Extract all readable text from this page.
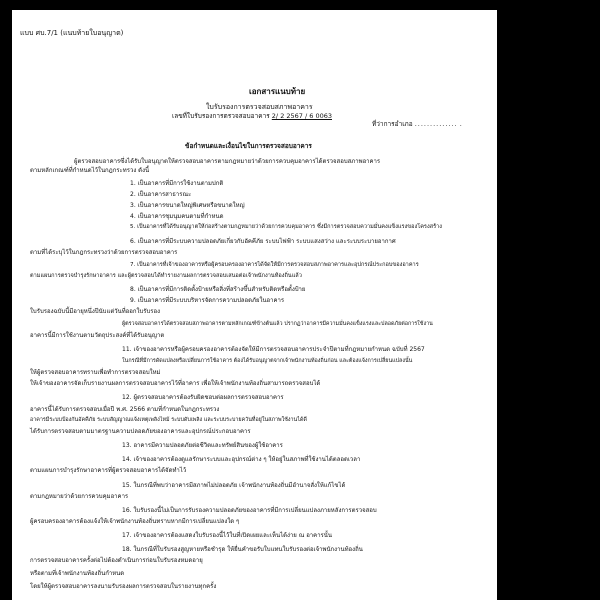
แบบ ศบ.7/1 (แนบท้ายใบอนุญาต)
เอกสารแนบท้าย
ใบรับรองการตรวจสอบสภาพอาคาร
เลขที่ใบรับรองการตรวจสอบอาคาร 2/ 2 2567 / 6 0063
ที่ว่าการอำเภอ .............. .
ข้อกำหนดและเงื่อนไขในการตรวจสอบอาคาร
ผู้ตรวจสอบอาคารซึ่งได้รับใบอนุญาตให้ตรวจสอบอาคารตามกฎหมายว่าด้วยการควบคุมอาคารได้ตรวจสอบสภาพอาคาร
ตามหลักเกณฑ์ที่กำหนดไว้ในกฎกระทรวง ดังนี้
1. เป็นอาคารที่มีการใช้งานตามปกติ
2. เป็นอาคารสาธารณะ
3. เป็นอาคารขนาดใหญ่พิเศษหรือขนาดใหญ่
4. เป็นอาคารชุมนุมคนตามที่กำหนด
5. เป็นอาคารที่ได้รับอนุญาตให้ก่อสร้างตามกฎหมายว่าด้วยการควบคุมอาคาร ซึ่งมีการตรวจสอบความมั่นคงแข็งแรงของโครงสร้าง
6. เป็นอาคารที่มีระบบความปลอดภัยเกี่ยวกับอัคคีภัย ระบบไฟฟ้า ระบบแสงสว่าง และระบบระบายอากาศ
ตามที่ได้ระบุไว้ในกฎกระทรวงว่าด้วยการตรวจสอบอาคาร
7. เป็นอาคารที่เจ้าของอาคารหรือผู้ครอบครองอาคารได้จัดให้มีการตรวจสอบสภาพอาคารและอุปกรณ์ประกอบของอาคาร
ตามแผนการตรวจบำรุงรักษาอาคาร และผู้ตรวจสอบได้ทำรายงานผลการตรวจสอบเสนอต่อเจ้าพนักงานท้องถิ่นแล้ว
8. เป็นอาคารที่มีการติดตั้งป้ายหรือสิ่งที่สร้างขึ้นสำหรับติดหรือตั้งป้าย
9. เป็นอาคารที่มีระบบบริหารจัดการความปลอดภัยในอาคาร
ใบรับรองฉบับนี้มีอายุหนึ่งปีนับแต่วันที่ออกใบรับรอง
ผู้ตรวจสอบอาคารได้ตรวจสอบสภาพอาคารตามหลักเกณฑ์ข้างต้นแล้ว ปรากฏว่าอาคารมีความมั่นคงแข็งแรงและปลอดภัยต่อการใช้งาน
อาคารนี้มีการใช้งานตามวัตถุประสงค์ที่ได้รับอนุญาต
11. เจ้าของอาคารหรือผู้ครอบครองอาคารต้องจัดให้มีการตรวจสอบอาคารประจำปีตามที่กฎหมายกำหนด ฉบับที่ 2567
ในกรณีที่มีการดัดแปลงหรือเปลี่ยนการใช้อาคาร ต้องได้รับอนุญาตจากเจ้าพนักงานท้องถิ่นก่อน และต้องแจ้งการเปลี่ยนแปลงนั้น
ให้ผู้ตรวจสอบอาคารทราบเพื่อทำการตรวจสอบใหม่
ให้เจ้าของอาคารจัดเก็บรายงานผลการตรวจสอบอาคารไว้ที่อาคาร เพื่อให้เจ้าพนักงานท้องถิ่นสามารถตรวจสอบได้
12. ผู้ตรวจสอบอาคารต้องรับผิดชอบต่อผลการตรวจสอบอาคาร
อาคารนี้ได้รับการตรวจสอบเมื่อปี พ.ศ. 2566 ตามที่กำหนดในกฎกระทรวง
อาคารมีระบบป้องกันอัคคีภัย ระบบสัญญาณแจ้งเหตุเพลิงไหม้ ระบบดับเพลิง และระบบระบายควันที่อยู่ในสภาพใช้งานได้ดี
ได้รับการตรวจสอบตามมาตรฐานความปลอดภัยของอาคารและอุปกรณ์ประกอบอาคาร
13. อาคารมีความปลอดภัยต่อชีวิตและทรัพย์สินของผู้ใช้อาคาร
14. เจ้าของอาคารต้องดูแลรักษาระบบและอุปกรณ์ต่าง ๆ ให้อยู่ในสภาพที่ใช้งานได้ตลอดเวลา
ตามแผนการบำรุงรักษาอาคารที่ผู้ตรวจสอบอาคารได้จัดทำไว้
15. ในกรณีที่พบว่าอาคารมีสภาพไม่ปลอดภัย เจ้าพนักงานท้องถิ่นมีอำนาจสั่งให้แก้ไขได้
ตามกฎหมายว่าด้วยการควบคุมอาคาร
16. ใบรับรองนี้ไม่เป็นการรับรองความปลอดภัยของอาคารที่มีการเปลี่ยนแปลงภายหลังการตรวจสอบ
ผู้ครอบครองอาคารต้องแจ้งให้เจ้าพนักงานท้องถิ่นทราบหากมีการเปลี่ยนแปลงใด ๆ
17. เจ้าของอาคารต้องแสดงใบรับรองนี้ไว้ในที่เปิดเผยและเห็นได้ง่าย ณ อาคารนั้น
18. ในกรณีที่ใบรับรองสูญหายหรือชำรุด ให้ยื่นคำขอรับใบแทนใบรับรองต่อเจ้าพนักงานท้องถิ่น
การตรวจสอบอาคารครั้งต่อไปต้องดำเนินการก่อนใบรับรองหมดอายุ
หรือตามที่เจ้าพนักงานท้องถิ่นกำหนด
โดยให้ผู้ตรวจสอบอาคารลงนามรับรองผลการตรวจสอบในรายงานทุกครั้ง
